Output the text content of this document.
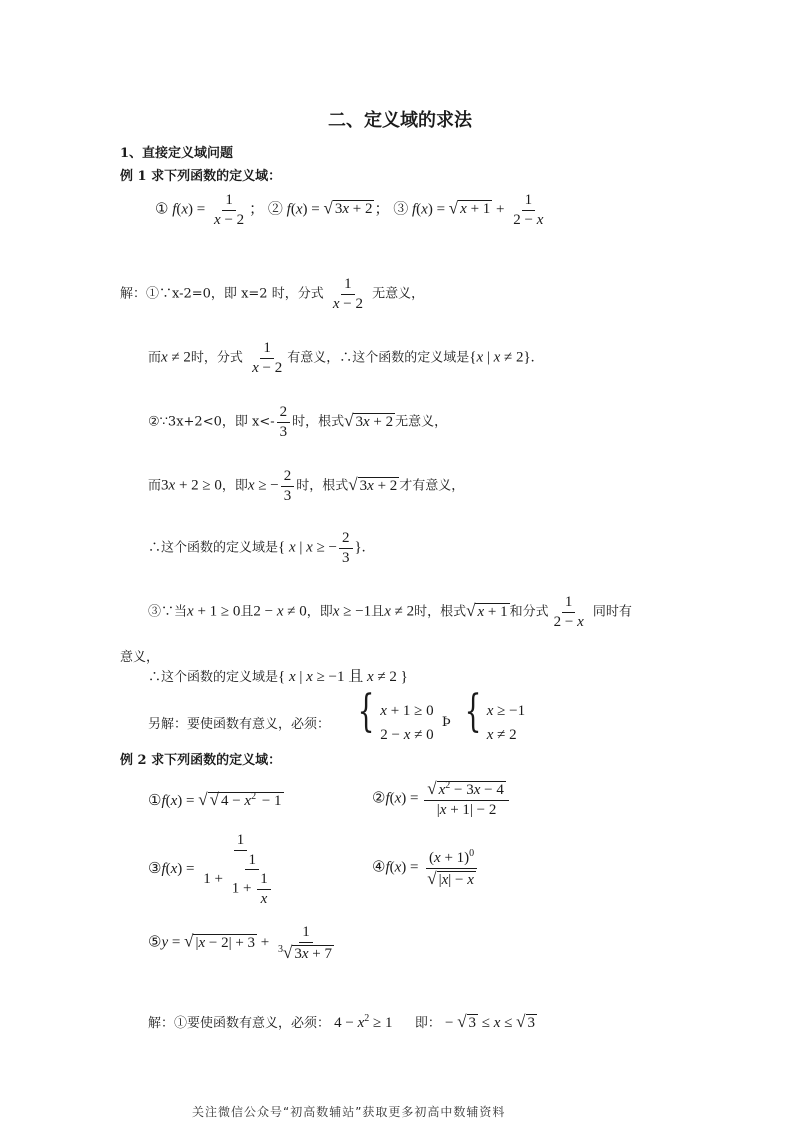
二、定义域的求法
1、直接定义域问题
例 1 求下列函数的定义域：
① $f(x) = \frac{1}{x - 2}$ ； ② f(x) = √ 3x + 2 ； ③ f(x) = √ $x + 1 + \frac{1}{2 - x}$
解：①∵x-2=0，即 x=2 时，分式 $\frac{1}{x - 2}$ 无意义，
而x ≠ 2时，分式 $\frac{1}{x - 2}$ 有意义，∴这个函数的定义域是{x | x ≠ 2}.
②∵3x+2<0，即 $x<- \frac{2}{3}$ 时，根式√ 3x + 2 无意义，
而3x + 2 ≥ 0，即x ≥ − $\frac{2}{3}$ 时，根式√ 3x + 2 才有意义，
∴这个函数的定义域是{ x | x ≥ − $\frac{2}{3}$ }.
③∵当x + 1 ≥ 0且2 − x ≠ 0，即x ≥ −1且x ≠ 2时，根式√ x + 1 和分式 $\frac{1}{2 - x}$ 同时有
意义，
∴这个函数的定义域是{ x | x ≥ −1 且 x ≠ 2 }
另解：要使函数有意义，必须： { x + 1 ≥ 0
2 − x ≠ 0
Þ { x ≥ −1
x ≠ 2
例 2 求下列函数的定义域：
①f(x) = √ √ $4 - x^2 - 1$	②f(x) = $\frac{√ x^2 - 3x - 4}{|x + 1| - 2}$
③f(x) = $\frac{1}{1 + \frac{1}{1 + \frac{1}{x}}}$	④f(x) = $\frac{(x + 1)^0}{√ |x| - x}$
⑤y = √ $|x - 2| + 3 + \frac{1}{^3√ 3x + 7}$
解：①要使函数有意义，必须： $4 - x^2 \ge 1$ 即： − √ 3 ≤ x ≤ √ 3
关注微信公众号“初高数辅站”获取更多初高中数辅资料
